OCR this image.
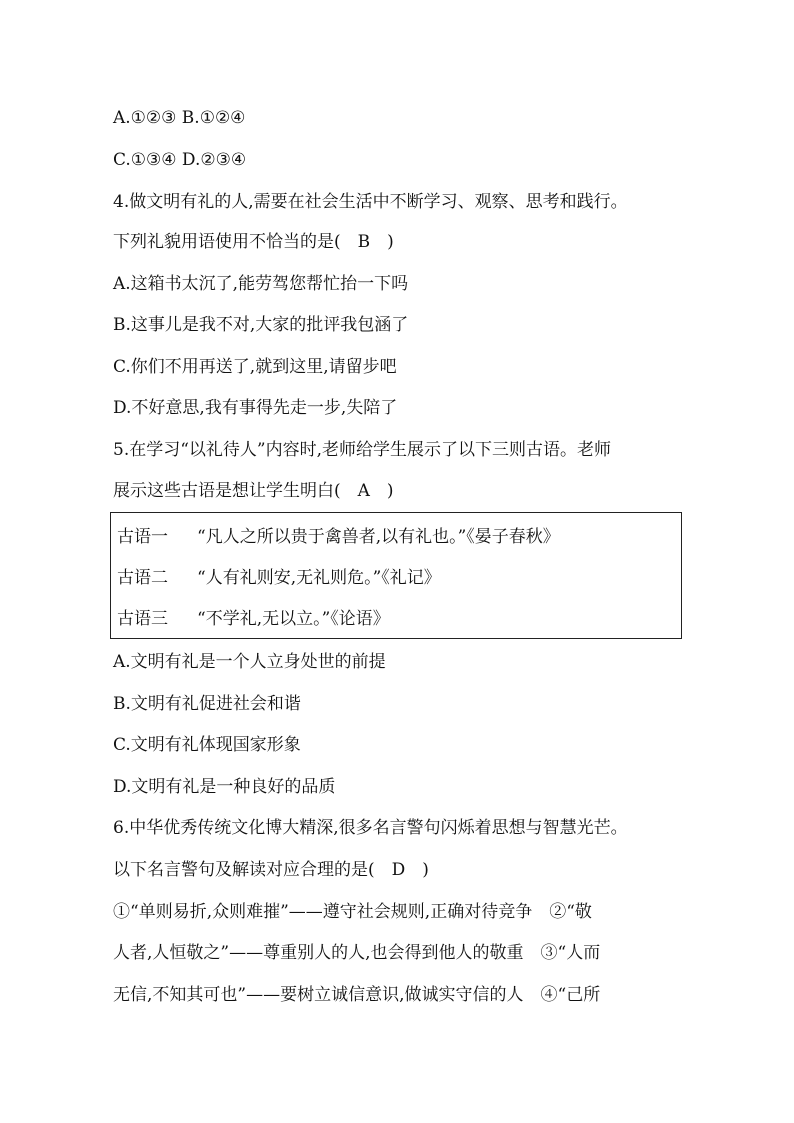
A.①②③ B.①②④
C.①③④ D.②③④
4.做文明有礼的人,需要在社会生活中不断学习、观察、思考和践行。
下列礼貌用语使用不恰当的是(　B　)
A.这箱书太沉了,能劳驾您帮忙抬一下吗
B.这事儿是我不对,大家的批评我包涵了
C.你们不用再送了,就到这里,请留步吧
D.不好意思,我有事得先走一步,失陪了
5.在学习“以礼待人”内容时,老师给学生展示了以下三则古语。老师
展示这些古语是想让学生明白(　A　)
古语一 “凡人之所以贵于禽兽者,以有礼也。”《晏子春秋》
古语二 “人有礼则安,无礼则危。”《礼记》
古语三 “不学礼,无以立。”《论语》
A.文明有礼是一个人立身处世的前提
B.文明有礼促进社会和谐
C.文明有礼体现国家形象
D.文明有礼是一种良好的品质
6.中华优秀传统文化博大精深,很多名言警句闪烁着思想与智慧光芒。
以下名言警句及解读对应合理的是(　D　)
①“单则易折,众则难摧”——遵守社会规则,正确对待竞争　②“敬
人者,人恒敬之”——尊重别人的人,也会得到他人的敬重　③“人而
无信,不知其可也”——要树立诚信意识,做诚实守信的人　④“己所
